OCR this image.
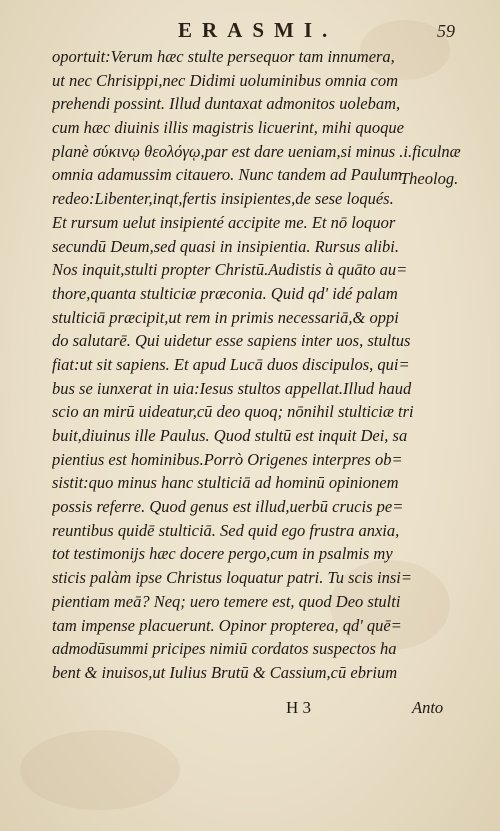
ERASMI.	59
oportuit:Verum hæc stulte persequor tam innumera,
ut nec Chrisippi,nec Didimi uoluminibus omnia com
prehendi possint. Illud duntaxat admonitos uolebam,
cum hæc diuinis illis magistris licuerint, mihi quoque
planè σύκινῳ θεολόγῳ,par est dare ueniam,si minus .i.ficulnæ
omnia adamussim citauero. Nunc tandem ad Paulum
redeo:Libenter,inqt,fertis insipientes,de sese loqués.
Et rursum uelut insipienté accipite me. Et nō loquor
secundū Deum,sed quasi in insipientia. Rursus alibi.
Nos inquit,stulti propter Christū.Audistis à quāto au=
thore,quanta stulticiæ præconia. Quid qd' idé palam
stulticiā præcipit,ut rem in primis necessariā,& oppi
do salutarē. Qui uidetur esse sapiens inter uos, stultus
fiat:ut sit sapiens. Et apud Lucā duos discipulos, qui=
bus se iunxerat in uia:Iesus stultos appellat.Illud haud
scio an mirū uideatur,cū deo quoq; nōnihil stulticiæ tri
buit,diuinus ille Paulus. Quod stultū est inquit Dei, sa
pientius est hominibus.Porrò Origenes interpres ob=
sistit:quo minus hanc stulticiā ad hominū opinionem
possis referre. Quod genus est illud,uerbū crucis pe=
reuntibus quidē stulticiā. Sed quid ego frustra anxia,
tot testimonijs hæc docere pergo,cum in psalmis my
sticis palàm ipse Christus loquatur patri. Tu scis insi=
pientiam meā? Neq; uero temere est, quod Deo stulti
tam impense placuerunt. Opinor propterea, qd' quē=
admodūsummi pricipes nimiū cordatos suspectos ha
bent & inuisos,ut Iulius Brutū & Cassium,cū ebrium
Theolog.
H 3	Anto
